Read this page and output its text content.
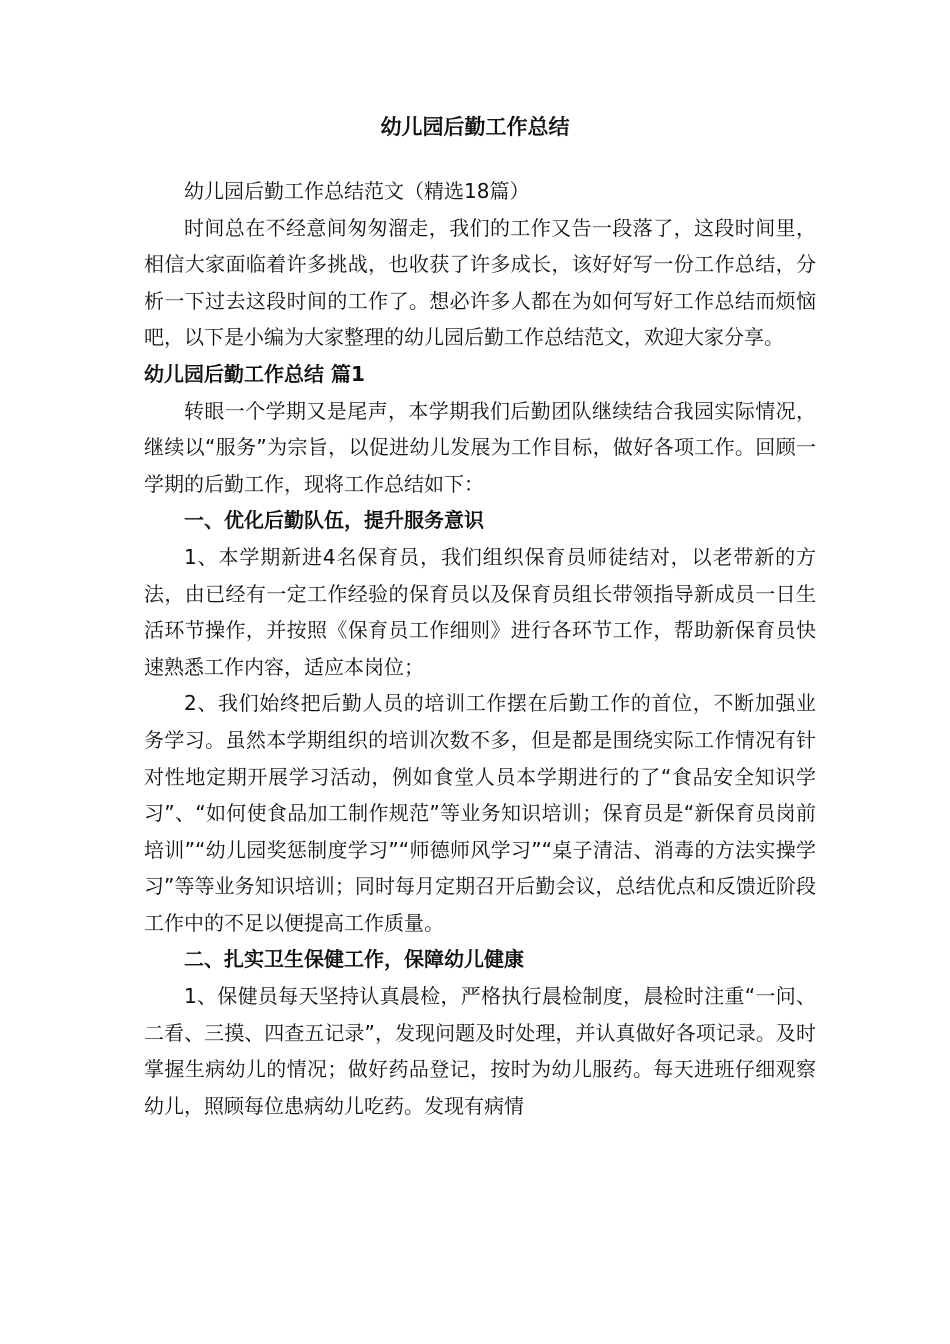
幼儿园后勤工作总结

幼儿园后勤工作总结范文（精选18篇）

时间总在不经意间匆匆溜走，我们的工作又告一段落了，这段时间里，相信大家面临着许多挑战，也收获了许多成长，该好好写一份工作总结，分析一下过去这段时间的工作了。想必许多人都在为如何写好工作总结而烦恼吧，以下是小编为大家整理的幼儿园后勤工作总结范文，欢迎大家分享。

幼儿园后勤工作总结 篇1

转眼一个学期又是尾声，本学期我们后勤团队继续结合我园实际情况，继续以“服务”为宗旨，以促进幼儿发展为工作目标，做好各项工作。回顾一学期的后勤工作，现将工作总结如下：

一、优化后勤队伍，提升服务意识

1、本学期新进4名保育员，我们组织保育员师徒结对，以老带新的方法，由已经有一定工作经验的保育员以及保育员组长带领指导新成员一日生活环节操作，并按照《保育员工作细则》进行各环节工作，帮助新保育员快速熟悉工作内容，适应本岗位；

2、我们始终把后勤人员的培训工作摆在后勤工作的首位，不断加强业务学习。虽然本学期组织的培训次数不多，但是都是围绕实际工作情况有针对性地定期开展学习活动，例如食堂人员本学期进行的了“食品安全知识学习”、“如何使食品加工制作规范”等业务知识培训；保育员是“新保育员岗前培训”“幼儿园奖惩制度学习”“师德师风学习”“桌子清洁、消毒的方法实操学习”等等业务知识培训；同时每月定期召开后勤会议，总结优点和反馈近阶段工作中的不足以便提高工作质量。

二、扎实卫生保健工作，保障幼儿健康

1、保健员每天坚持认真晨检，严格执行晨检制度，晨检时注重“一问、二看、三摸、四查五记录”，发现问题及时处理，并认真做好各项记录。及时掌握生病幼儿的情况；做好药品登记，按时为幼儿服药。每天进班仔细观察幼儿，照顾每位患病幼儿吃药。发现有病情
